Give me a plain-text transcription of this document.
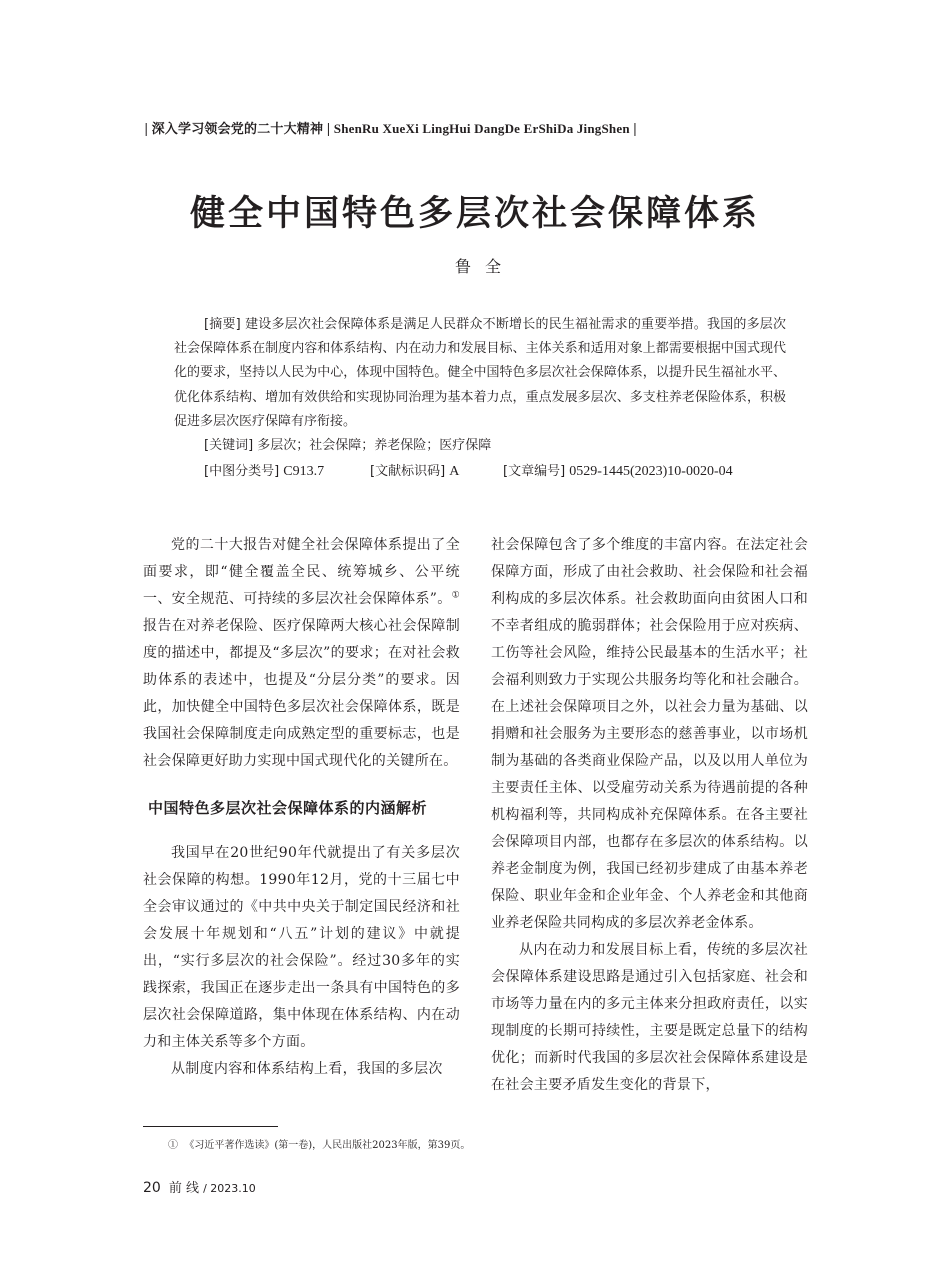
| 深入学习领会党的二十大精神 | ShenRu XueXi LingHui DangDe ErShiDa JingShen |
健全中国特色多层次社会保障体系
鲁全

[摘要] 建设多层次社会保障体系是满足人民群众不断增长的民生福祉需求的重要举措。我国的多层次社会保障体系在制度内容和体系结构、内在动力和发展目标、主体关系和适用对象上都需要根据中国式现代化的要求，坚持以人民为中心，体现中国特色。健全中国特色多层次社会保障体系，以提升民生福祉水平、优化体系结构、增加有效供给和实现协同治理为基本着力点，重点发展多层次、多支柱养老保险体系，积极促进多层次医疗保障有序衔接。

[关键词] 多层次；社会保障；养老保险；医疗保障

[中图分类号] C913.7	[文献标识码] A	[文章编号] 0529-1445(2023)10-0020-04

党的二十大报告对健全社会保障体系提出了全面要求，即“健全覆盖全民、统筹城乡、公平统一、安全规范、可持续的多层次社会保障体系”。①报告在对养老保险、医疗保障两大核心社会保障制度的描述中，都提及“多层次”的要求；在对社会救助体系的表述中，也提及“分层分类”的要求。因此，加快健全中国特色多层次社会保障体系，既是我国社会保障制度走向成熟定型的重要标志，也是社会保障更好助力实现中国式现代化的关键所在。

中国特色多层次社会保障体系的内涵解析

我国早在20世纪90年代就提出了有关多层次社会保障的构想。1990年12月，党的十三届七中全会审议通过的《中共中央关于制定国民经济和社会发展十年规划和“八五”计划的建议》中就提出，“实行多层次的社会保险”。经过30多年的实践探索，我国正在逐步走出一条具有中国特色的多层次社会保障道路，集中体现在体系结构、内在动力和主体关系等多个方面。

从制度内容和体系结构上看，我国的多层次

社会保障包含了多个维度的丰富内容。在法定社会保障方面，形成了由社会救助、社会保险和社会福利构成的多层次体系。社会救助面向由贫困人口和不幸者组成的脆弱群体；社会保险用于应对疾病、工伤等社会风险，维持公民最基本的生活水平；社会福利则致力于实现公共服务均等化和社会融合。在上述社会保障项目之外，以社会力量为基础、以捐赠和社会服务为主要形态的慈善事业，以市场机制为基础的各类商业保险产品，以及以用人单位为主要责任主体、以受雇劳动关系为待遇前提的各种机构福利等，共同构成补充保障体系。在各主要社会保障项目内部，也都存在多层次的体系结构。以养老金制度为例，我国已经初步建成了由基本养老保险、职业年金和企业年金、个人养老金和其他商业养老保险共同构成的多层次养老金体系。

从内在动力和发展目标上看，传统的多层次社会保障体系建设思路是通过引入包括家庭、社会和市场等力量在内的多元主体来分担政府责任，以实现制度的长期可持续性，主要是既定总量下的结构优化；而新时代我国的多层次社会保障体系建设是在社会主要矛盾发生变化的背景下，

① 《习近平著作选读》(第一卷)，人民出版社2023年版，第39页。
20 前 线 / 2023.10
